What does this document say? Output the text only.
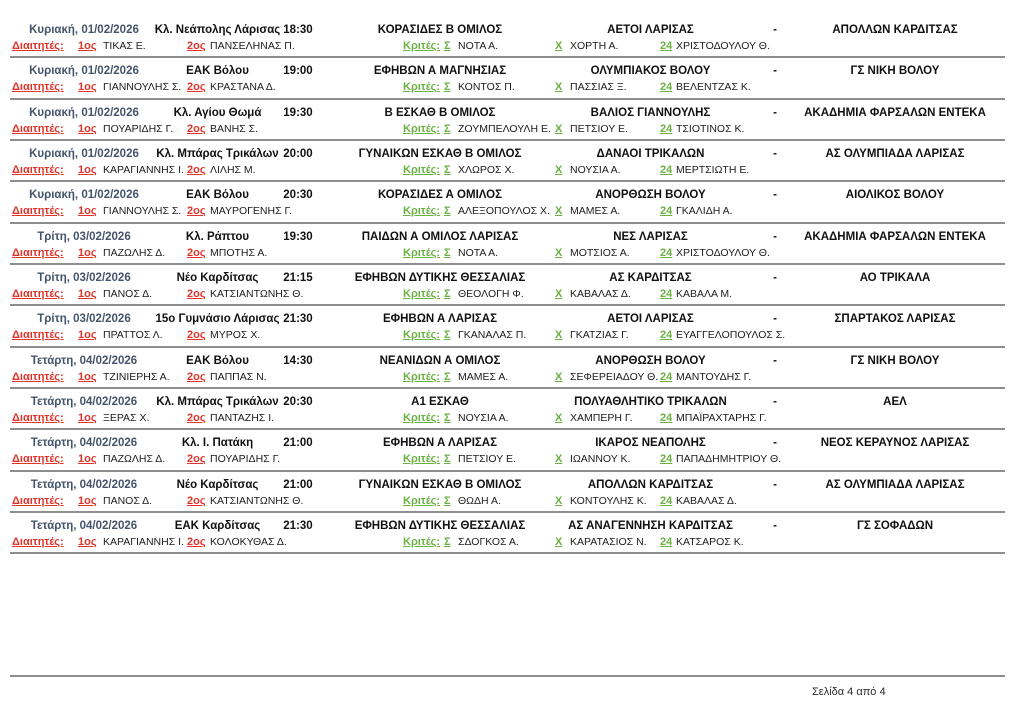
Κυριακή, 01/02/2026	Κλ. Νεάπολης Λάρισας 18:30	ΚΟΡΑΣΙΔΕΣ Β ΟΜΙΛΟΣ	ΑΕΤΟΙ ΛΑΡΙΣΑΣ	-	ΑΠΟΛΛΩΝ ΚΑΡΔΙΤΣΑΣ
Διαιτητές: 1ος ΤΙΚΑΣ Ε.	2ος ΠΑΝΣΕΛΗΝΑΣ Π.	Κριτές: Σ ΝΟΤΑ Α.	Χ ΧΟΡΤΗ Α.	24 ΧΡΙΣΤΟΔΟΥΛΟΥ Θ.
Κυριακή, 01/02/2026	ΕΑΚ Βόλου	19:00	ΕΦΗΒΩΝ Α ΜΑΓΝΗΣΙΑΣ	ΟΛΥΜΠΙΑΚΟΣ ΒΟΛΟΥ	-	ΓΣ ΝΙΚΗ ΒΟΛΟΥ
Διαιτητές: 1ος ΓΙΑΝΝΟΥΛΗΣ Σ. 2ος ΚΡΑΣΤΑΝΑ Δ.	Κριτές: Σ ΚΟΝΤΟΣ Π.	Χ ΠΑΣΣΙΑΣ Ξ.	24 ΒΕΛΕΝΤΖΑΣ Κ.
Κυριακή, 01/02/2026	Κλ. Αγίου Θωμά	19:30	Β ΕΣΚΑΘ Β ΟΜΙΛΟΣ	ΒΑΛΙΟΣ ΓΙΑΝΝΟΥΛΗΣ	-	ΑΚΑΔΗΜΙΑ ΦΑΡΣΑΛΩΝ ΕΝΤΕΚΑ
Διαιτητές: 1ος ΠΟΥΑΡΙΔΗΣ Γ. 2ος ΒΑΝΗΣ Σ.	Κριτές: Σ ΖΟΥΜΠΕΛΟΥΛΗ Ε. Χ ΠΕΤΣΙΟΥ Ε.	24 ΤΣΙΟΤΙΝΟΣ Κ.
Κυριακή, 01/02/2026	Κλ. Μπάρας Τρικάλων 20:00	ΓΥΝΑΙΚΩΝ ΕΣΚΑΘ Β ΟΜΙΛΟΣ	ΔΑΝΑΟΙ ΤΡΙΚΑΛΩΝ	-	ΑΣ ΟΛΥΜΠΙΑΔΑ ΛΑΡΙΣΑΣ
Διαιτητές: 1ος ΚΑΡΑΓΙΑΝΝΗΣ Ι. 2ος ΛΙΛΗΣ Μ.	Κριτές: Σ ΧΛΩΡΟΣ Χ.	Χ ΝΟΥΣΙΑ Α.	24 ΜΕΡΤΣΙΩΤΗ Ε.
Κυριακή, 01/02/2026	ΕΑΚ Βόλου	20:30	ΚΟΡΑΣΙΔΕΣ Α ΟΜΙΛΟΣ	ΑΝΟΡΘΩΣΗ ΒΟΛΟΥ	-	ΑΙΟΛΙΚΟΣ ΒΟΛΟΥ
Διαιτητές: 1ος ΓΙΑΝΝΟΥΛΗΣ Σ. 2ος ΜΑΥΡΟΓΕΝΗΣ Γ.	Κριτές: Σ ΑΛΕΞΟΠΟΥΛΟΣ Χ. Χ ΜΑΜΕΣ Α.	24 ΓΚΑΛΙΔΗ Α.
Τρίτη, 03/02/2026	Κλ. Ράπτου	19:30	ΠΑΙΔΩΝ Α ΟΜΙΛΟΣ ΛΑΡΙΣΑΣ	ΝΕΣ ΛΑΡΙΣΑΣ	-	ΑΚΑΔΗΜΙΑ ΦΑΡΣΑΛΩΝ ΕΝΤΕΚΑ
Διαιτητές: 1ος ΠΑΖΩΛΗΣ Δ. 2ος ΜΠΟΤΗΣ Α.	Κριτές: Σ ΝΟΤΑ Α.	Χ ΜΟΤΣΙΟΣ Α.	24 ΧΡΙΣΤΟΔΟΥΛΟΥ Θ.
Τρίτη, 03/02/2026	Νέο Καρδίτσας	21:15	ΕΦΗΒΩΝ ΔΥΤΙΚΗΣ ΘΕΣΣΑΛΙΑΣ	ΑΣ ΚΑΡΔΙΤΣΑΣ	-	ΑΟ ΤΡΙΚΑΛΑ
Διαιτητές: 1ος ΠΑΝΟΣ Δ.	2ος ΚΑΤΣΙΑΝΤΩΝΗΣ Θ.	Κριτές: Σ ΘΕΟΛΟΓΗ Φ.	Χ ΚΑΒΑΛΑΣ Δ.	24 ΚΑΒΑΛΑ Μ.
Τρίτη, 03/02/2026	15ο Γυμνάσιο Λάρισας 21:30	ΕΦΗΒΩΝ Α ΛΑΡΙΣΑΣ	ΑΕΤΟΙ ΛΑΡΙΣΑΣ	-	ΣΠΑΡΤΑΚΟΣ ΛΑΡΙΣΑΣ
Διαιτητές: 1ος ΠΡΑΤΤΟΣ Λ. 2ος ΜΥΡΟΣ Χ.	Κριτές: Σ ΓΚΑΝΑΛΑΣ Π.	Χ ΓΚΑΤΖΙΑΣ Γ.	24 ΕΥΑΓΓΕΛΟΠΟΥΛΟΣ Σ.
Τετάρτη, 04/02/2026	ΕΑΚ Βόλου	14:30	ΝΕΑΝΙΔΩΝ Α ΟΜΙΛΟΣ	ΑΝΟΡΘΩΣΗ ΒΟΛΟΥ	-	ΓΣ ΝΙΚΗ ΒΟΛΟΥ
Διαιτητές: 1ος ΤΖΙΝΙΕΡΗΣ Α. 2ος ΠΑΠΠΑΣ Ν.	Κριτές: Σ ΜΑΜΕΣ Α.	Χ ΣΕΦΕΡΕΙΑΔΟΥ Θ. 24 ΜΑΝΤΟΥΔΗΣ Γ.
Τετάρτη, 04/02/2026	Κλ. Μπάρας Τρικάλων 20:30	Α1 ΕΣΚΑΘ	ΠΟΛΥΑΘΛΗΤΙΚΟ ΤΡΙΚΑΛΩΝ	-	ΑΕΛ
Διαιτητές: 1ος ΞΕΡΑΣ Χ.	2ος ΠΑΝΤΑΖΗΣ Ι.	Κριτές: Σ ΝΟΥΣΙΑ Α.	Χ ΧΑΜΠΕΡΗ Γ.	24 ΜΠΑΪΡΑΧΤΑΡΗΣ Γ.
Τετάρτη, 04/02/2026	Κλ. Ι. Πατάκη	21:00	ΕΦΗΒΩΝ Α ΛΑΡΙΣΑΣ	ΙΚΑΡΟΣ ΝΕΑΠΟΛΗΣ	-	ΝΕΟΣ ΚΕΡΑΥΝΟΣ ΛΑΡΙΣΑΣ
Διαιτητές: 1ος ΠΑΖΩΛΗΣ Δ. 2ος ΠΟΥΑΡΙΔΗΣ Γ.	Κριτές: Σ ΠΕΤΣΙΟΥ Ε.	Χ ΙΩΑΝΝΟΥ Κ.	24 ΠΑΠΑΔΗΜΗΤΡΙΟΥ Θ.
Τετάρτη, 04/02/2026	Νέο Καρδίτσας	21:00	ΓΥΝΑΙΚΩΝ ΕΣΚΑΘ Β ΟΜΙΛΟΣ	ΑΠΟΛΛΩΝ ΚΑΡΔΙΤΣΑΣ	-	ΑΣ ΟΛΥΜΠΙΑΔΑ ΛΑΡΙΣΑΣ
Διαιτητές: 1ος ΠΑΝΟΣ Δ.	2ος ΚΑΤΣΙΑΝΤΩΝΗΣ Θ.	Κριτές: Σ ΘΩΔΗ Α.	Χ ΚΟΝΤΟΥΛΗΣ Κ. 24 ΚΑΒΑΛΑΣ Δ.
Τετάρτη, 04/02/2026	ΕΑΚ Καρδίτσας	21:30	ΕΦΗΒΩΝ ΔΥΤΙΚΗΣ ΘΕΣΣΑΛΙΑΣ	ΑΣ ΑΝΑΓΕΝΝΗΣΗ ΚΑΡΔΙΤΣΑΣ	-	ΓΣ ΣΟΦΑΔΩΝ
Διαιτητές: 1ος ΚΑΡΑΓΙΑΝΝΗΣ Ι. 2ος ΚΟΛΟΚΥΘΑΣ Δ.	Κριτές: Σ ΣΔΟΓΚΟΣ Α.	Χ ΚΑΡΑΤΑΣΙΟΣ Ν. 24 ΚΑΤΣΑΡΟΣ Κ.
Σελίδα 4 από 4
